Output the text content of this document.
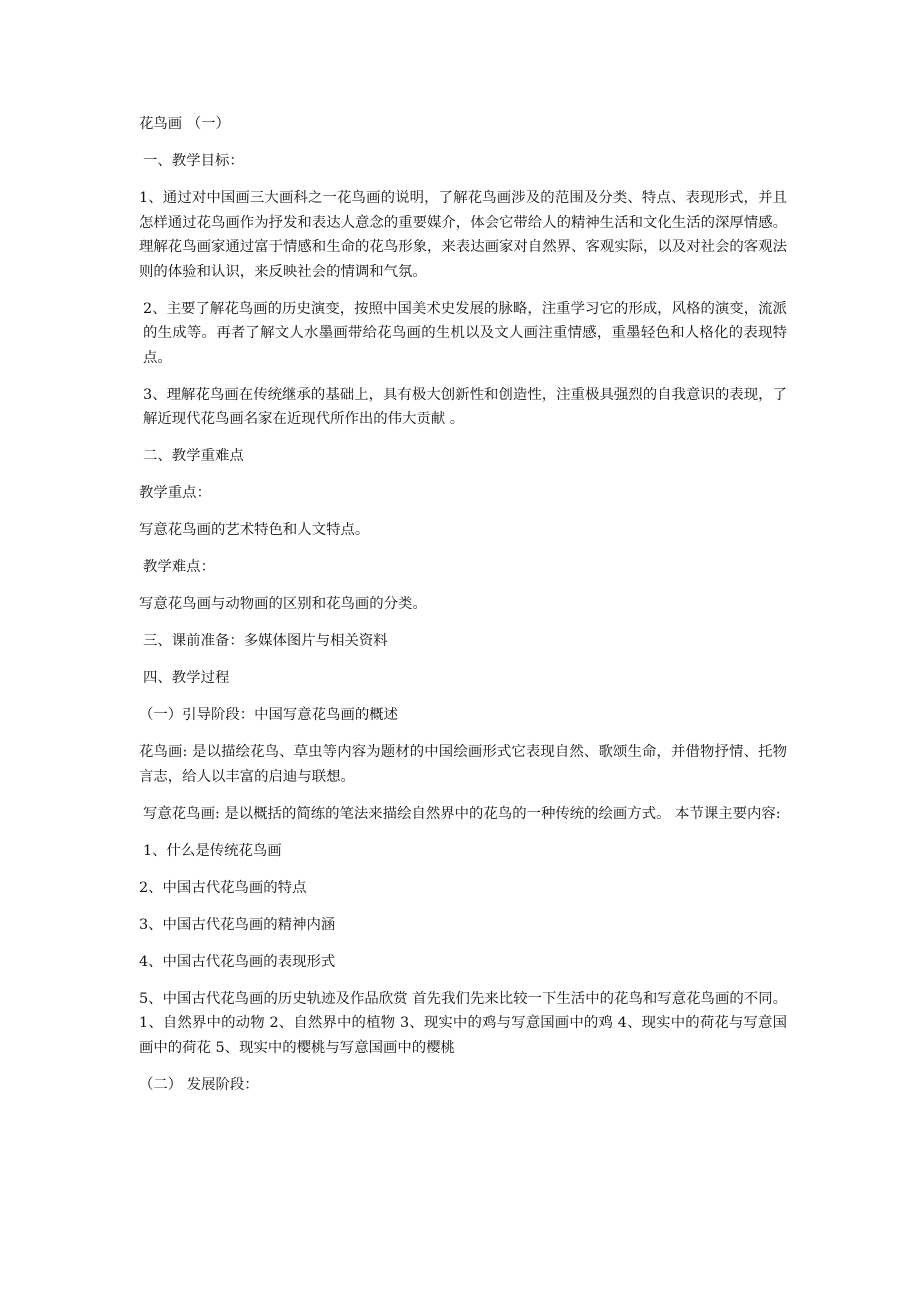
花鸟画 （一）

一、教学目标：

1、通过对中国画三大画科之一花鸟画的说明，了解花鸟画涉及的范围及分类、特点、表现形式，并且怎样通过花鸟画作为抒发和表达人意念的重要媒介，体会它带给人的精神生活和文化生活的深厚情感。理解花鸟画家通过富于情感和生命的花鸟形象，来表达画家对自然界、客观实际，以及对社会的客观法则的体验和认识，来反映社会的情调和气氛。

2、主要了解花鸟画的历史演变，按照中国美术史发展的脉略，注重学习它的形成，风格的演变，流派的生成等。再者了解文人水墨画带给花鸟画的生机以及文人画注重情感，重墨轻色和人格化的表现特点。

3、理解花鸟画在传统继承的基础上，具有极大创新性和创造性，注重极具强烈的自我意识的表现，了解近现代花鸟画名家在近现代所作出的伟大贡献 。

二、教学重难点

教学重点：

写意花鸟画的艺术特色和人文特点。

教学难点：

写意花鸟画与动物画的区别和花鸟画的分类。

三、课前准备：多媒体图片与相关资料

四、教学过程

（一）引导阶段：中国写意花鸟画的概述

花鸟画: 是以描绘花鸟、草虫等内容为题材的中国绘画形式它表现自然、歌颂生命，并借物抒情、托物言志，给人以丰富的启迪与联想。

写意花鸟画: 是以概括的简练的笔法来描绘自然界中的花鸟的一种传统的绘画方式。 本节课主要内容:

1、什么是传统花鸟画

2、中国古代花鸟画的特点

3、中国古代花鸟画的精神内涵

4、中国古代花鸟画的表现形式

5、中国古代花鸟画的历史轨迹及作品欣赏 首先我们先来比较一下生活中的花鸟和写意花鸟画的不同。 1、自然界中的动物 2、自然界中的植物 3、现实中的鸡与写意国画中的鸡 4、现实中的荷花与写意国画中的荷花 5、现实中的樱桃与写意国画中的樱桃

（二） 发展阶段：
